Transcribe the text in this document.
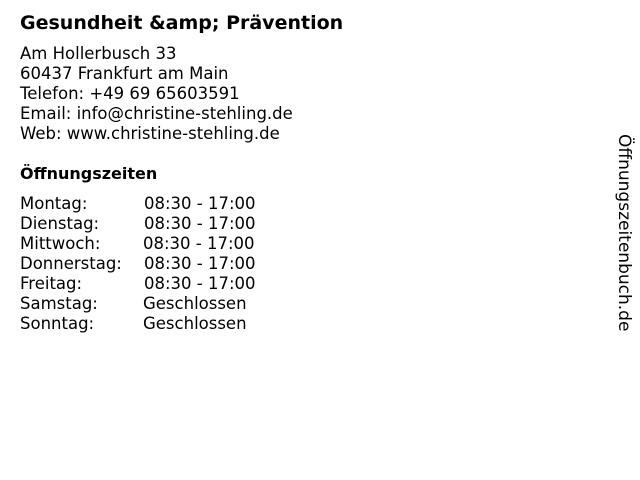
Gesundheit &amp; Prävention
Am Hollerbusch 33
60437 Frankfurt am Main
Telefon: +49 69 65603591
Email: info@christine-stehling.de
Web: www.christine-stehling.de
Öffnungszeiten
Montag:	08:30 - 17:00
Dienstag:	08:30 - 17:00
Mittwoch:	08:30 - 17:00
Donnerstag: 08:30 - 17:00
Freitag:	08:30 - 17:00
Samstag:	Geschlossen
Sonntag:	Geschlossen	Öffnungszeitenbuch.de
